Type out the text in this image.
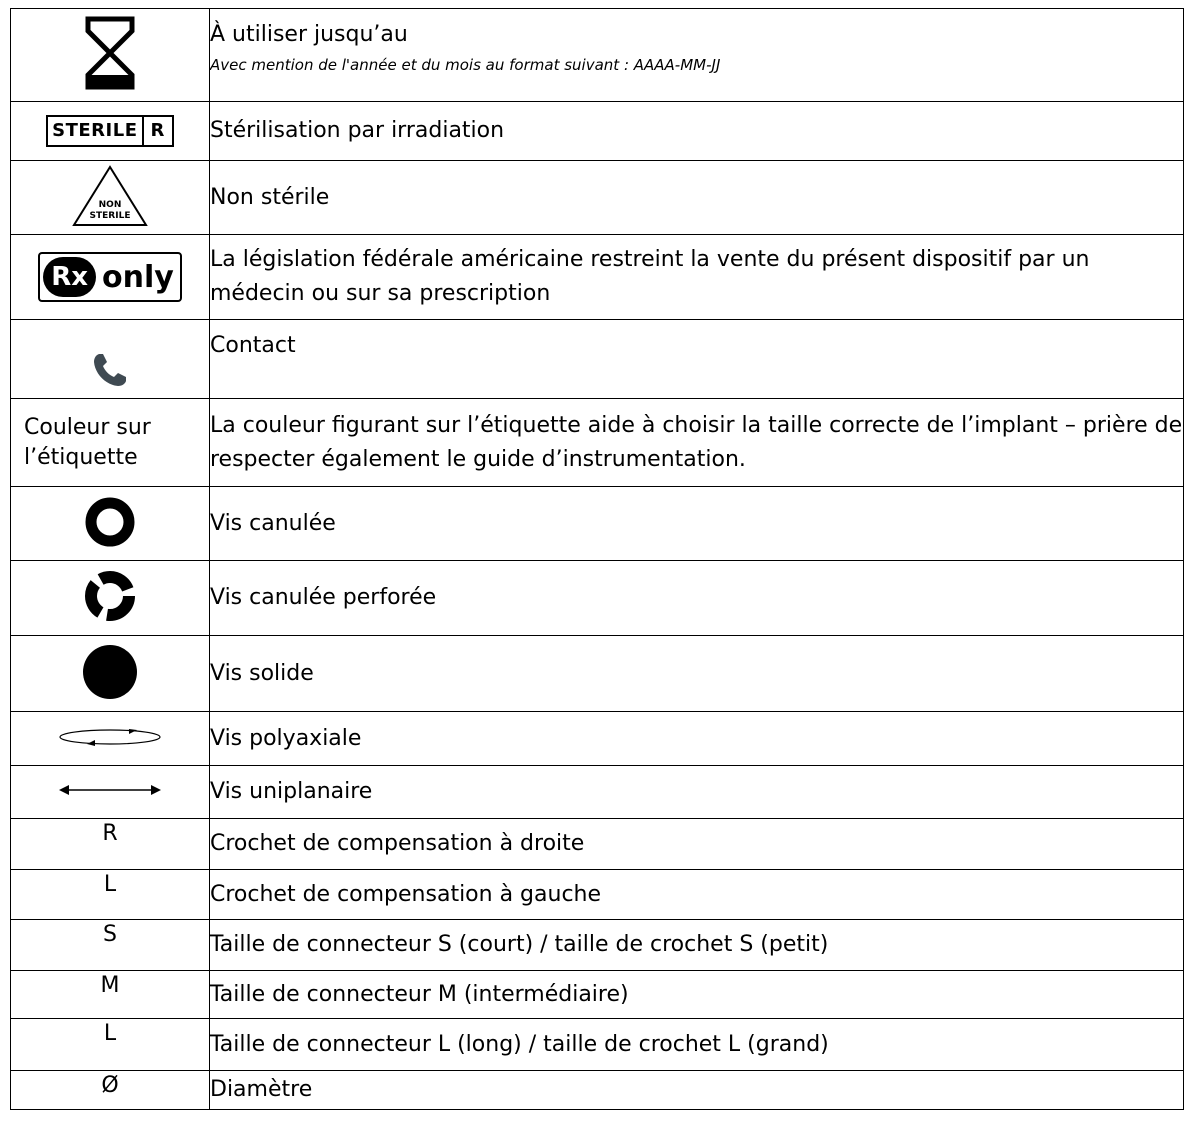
	À utiliser jusqu’au
Avec mention de l'année et du mois au format suivant : AAAA-MM-JJ

STERILE R	Stérilisation par irradiation

NON
STERILE	Non stérile

Rx only	La législation fédérale américaine restreint la vente du présent dispositif par un médecin ou sur sa prescription
	Contact

Couleur sur l’étiquette	La couleur figurant sur l’étiquette aide à choisir la taille correcte de l’implant – prière de respecter également le guide d’instrumentation.
	Vis canulée
	Vis canulée perforée
	Vis solide
	Vis polyaxiale
	Vis uniplanaire
R	Crochet de compensation à droite
L	Crochet de compensation à gauche
S	Taille de connecteur S (court) / taille de crochet S (petit)
M	Taille de connecteur M (intermédiaire)
L	Taille de connecteur L (long) / taille de crochet L (grand)
Ø	Diamètre
